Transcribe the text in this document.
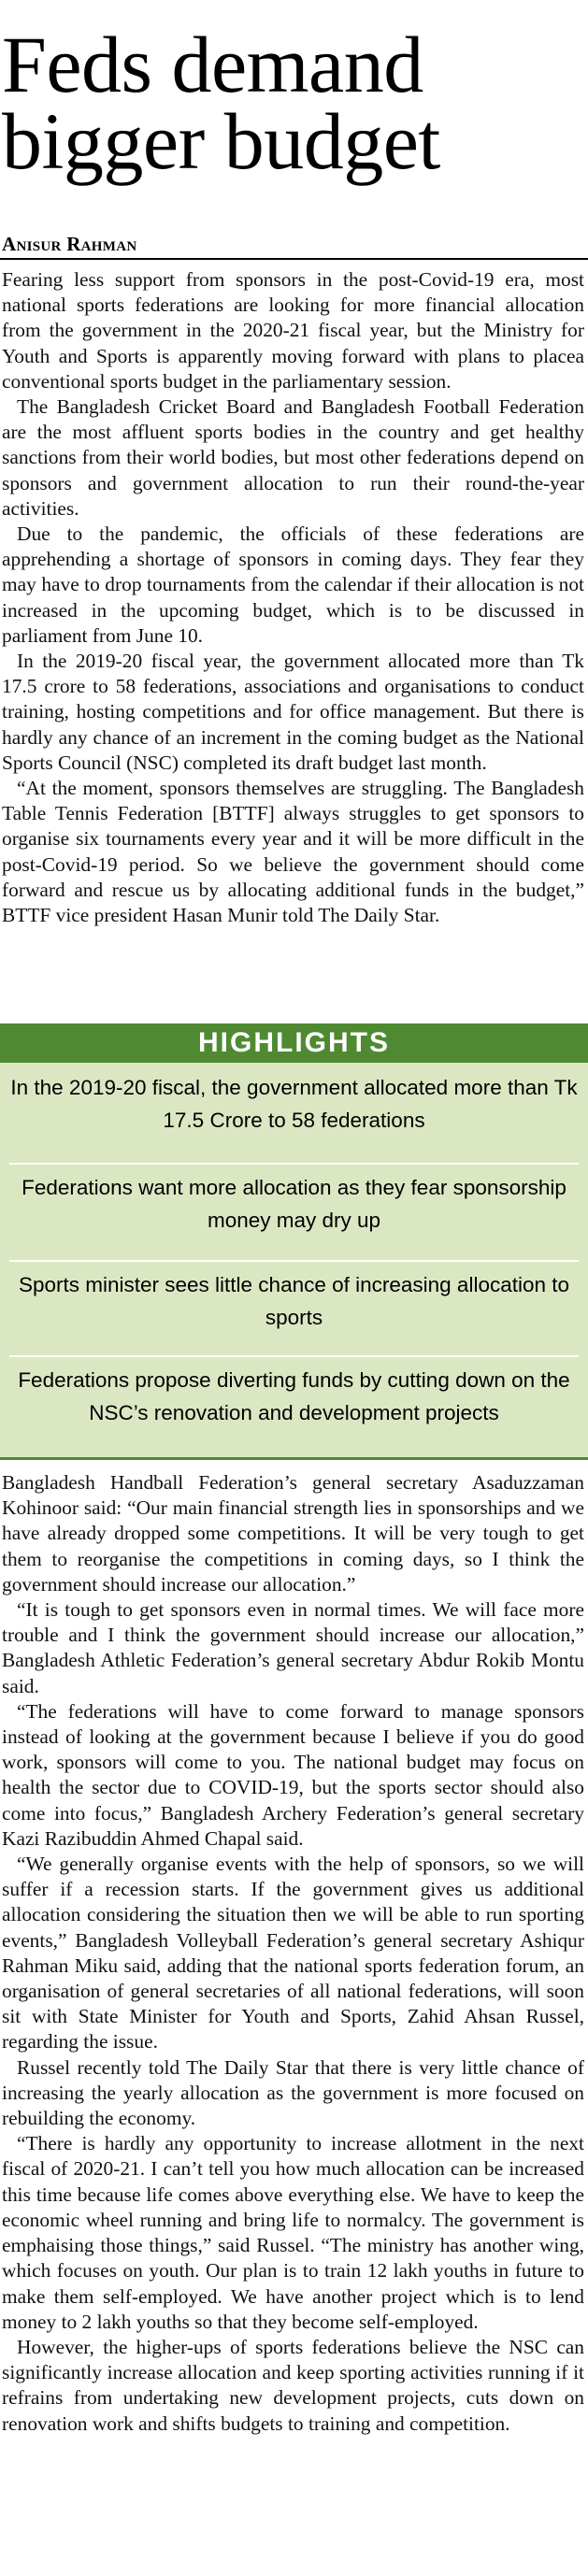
Feds demand
bigger budget
Anisur Rahman

Fearing less support from sponsors in the post-Covid-19 era, most national sports federations are looking for more financial allocation from the government in the 2020-21 fiscal year, but the Ministry for Youth and Sports is apparently moving forward with plans to placea conventional sports budget in the parliamentary session.

The Bangladesh Cricket Board and Bangladesh Football Federation are the most affluent sports bodies in the country and get healthy sanctions from their world bodies, but most other federations depend on sponsors and government allocation to run their round-the-year activities.

Due to the pandemic, the officials of these federations are apprehending a shortage of sponsors in coming days. They fear they may have to drop tournaments from the calendar if their allocation is not increased in the upcoming budget, which is to be discussed in parliament from June 10.

In the 2019-20 fiscal year, the government allocated more than Tk 17.5 crore to 58 federations, associations and organisations to conduct training, hosting competitions and for office management. But there is hardly any chance of an increment in the coming budget as the National Sports Council (NSC) completed its draft budget last month.

“At the moment, sponsors themselves are struggling. The Bangladesh Table Tennis Federation [BTTF] always struggles to get sponsors to organise six tournaments every year and it will be more difficult in the post-Covid-19 period. So we believe the government should come forward and rescue us by allocating additional funds in the budget,” BTTF vice president Hasan Munir told The Daily Star.

HIGHLIGHTS
In the 2019-20 fiscal, the government allocated more than Tk 17.5 Crore to 58 federations
Federations want more allocation as they fear sponsorship money may dry up
Sports minister sees little chance of increasing allocation to sports
Federations propose diverting funds by cutting down on the NSC’s renovation and development projects

Bangladesh Handball Federation’s general secretary Asaduzzaman Kohinoor said: “Our main financial strength lies in sponsorships and we have already dropped some competitions. It will be very tough to get them to reorganise the competitions in coming days, so I think the government should increase our allocation.”

“It is tough to get sponsors even in normal times. We will face more trouble and I think the government should increase our allocation,” Bangladesh Athletic Federation’s general secretary Abdur Rokib Montu said.

“The federations will have to come forward to manage sponsors instead of looking at the government because I believe if you do good work, sponsors will come to you. The national budget may focus on health the sector due to COVID-19, but the sports sector should also come into focus,” Bangladesh Archery Federation’s general secretary Kazi Razibuddin Ahmed Chapal said.

“We generally organise events with the help of sponsors, so we will suffer if a recession starts. If the government gives us additional allocation considering the situation then we will be able to run sporting events,” Bangladesh Volleyball Federation’s general secretary Ashiqur Rahman Miku said, adding that the national sports federation forum, an organisation of general secretaries of all national federations, will soon sit with State Minister for Youth and Sports, Zahid Ahsan Russel, regarding the issue.

Russel recently told The Daily Star that there is very little chance of increasing the yearly allocation as the government is more focused on rebuilding the economy.

“There is hardly any opportunity to increase allotment in the next fiscal of 2020-21. I can’t tell you how much allocation can be increased this time because life comes above everything else. We have to keep the economic wheel running and bring life to normalcy. The government is emphaising those things,” said Russel. “The ministry has another wing, which focuses on youth. Our plan is to train 12 lakh youths in future to make them self-employed. We have another project which is to lend money to 2 lakh youths so that they become self-employed.

However, the higher-ups of sports federations believe the NSC can significantly increase allocation and keep sporting activities running if it refrains from undertaking new development projects, cuts down on renovation work and shifts budgets to training and competition.
